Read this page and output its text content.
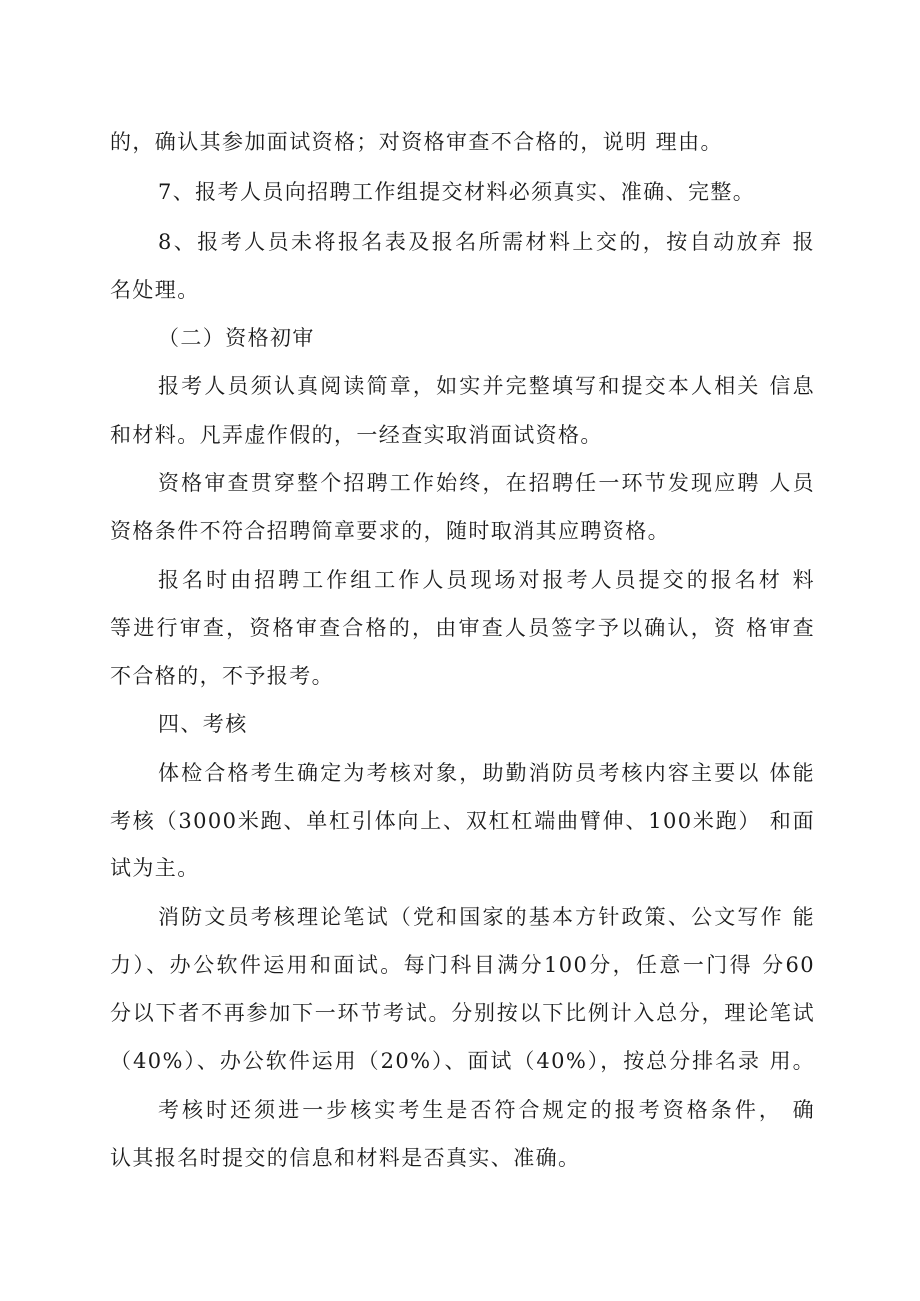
的，确认其参加面试资格；对资格审查不合格的，说明 理由。
7、报考人员向招聘工作组提交材料必须真实、准确、完整。
8、报考人员未将报名表及报名所需材料上交的，按自动放弃 报
名处理。
（二）资格初审
报考人员须认真阅读简章，如实并完整填写和提交本人相关 信息
和材料。凡弄虚作假的，一经查实取消面试资格。
资格审查贯穿整个招聘工作始终，在招聘任一环节发现应聘 人员
资格条件不符合招聘简章要求的，随时取消其应聘资格。
报名时由招聘工作组工作人员现场对报考人员提交的报名材 料
等进行审查，资格审查合格的，由审查人员签字予以确认，资 格审查
不合格的，不予报考。
四、考核
体检合格考生确定为考核对象，助勤消防员考核内容主要以 体能
考核（3000米跑、单杠引体向上、双杠杠端曲臂伸、100米跑） 和面
试为主。
消防文员考核理论笔试（党和国家的基本方针政策、公文写作 能
力）、办公软件运用和面试。每门科目满分100分，任意一门得 分60
分以下者不再参加下一环节考试。分别按以下比例计入总分，理论笔试
（40%）、办公软件运用（20%）、面试（40%），按总分排名录 用。
考核时还须进一步核实考生是否符合规定的报考资格条件， 确
认其报名时提交的信息和材料是否真实、准确。
